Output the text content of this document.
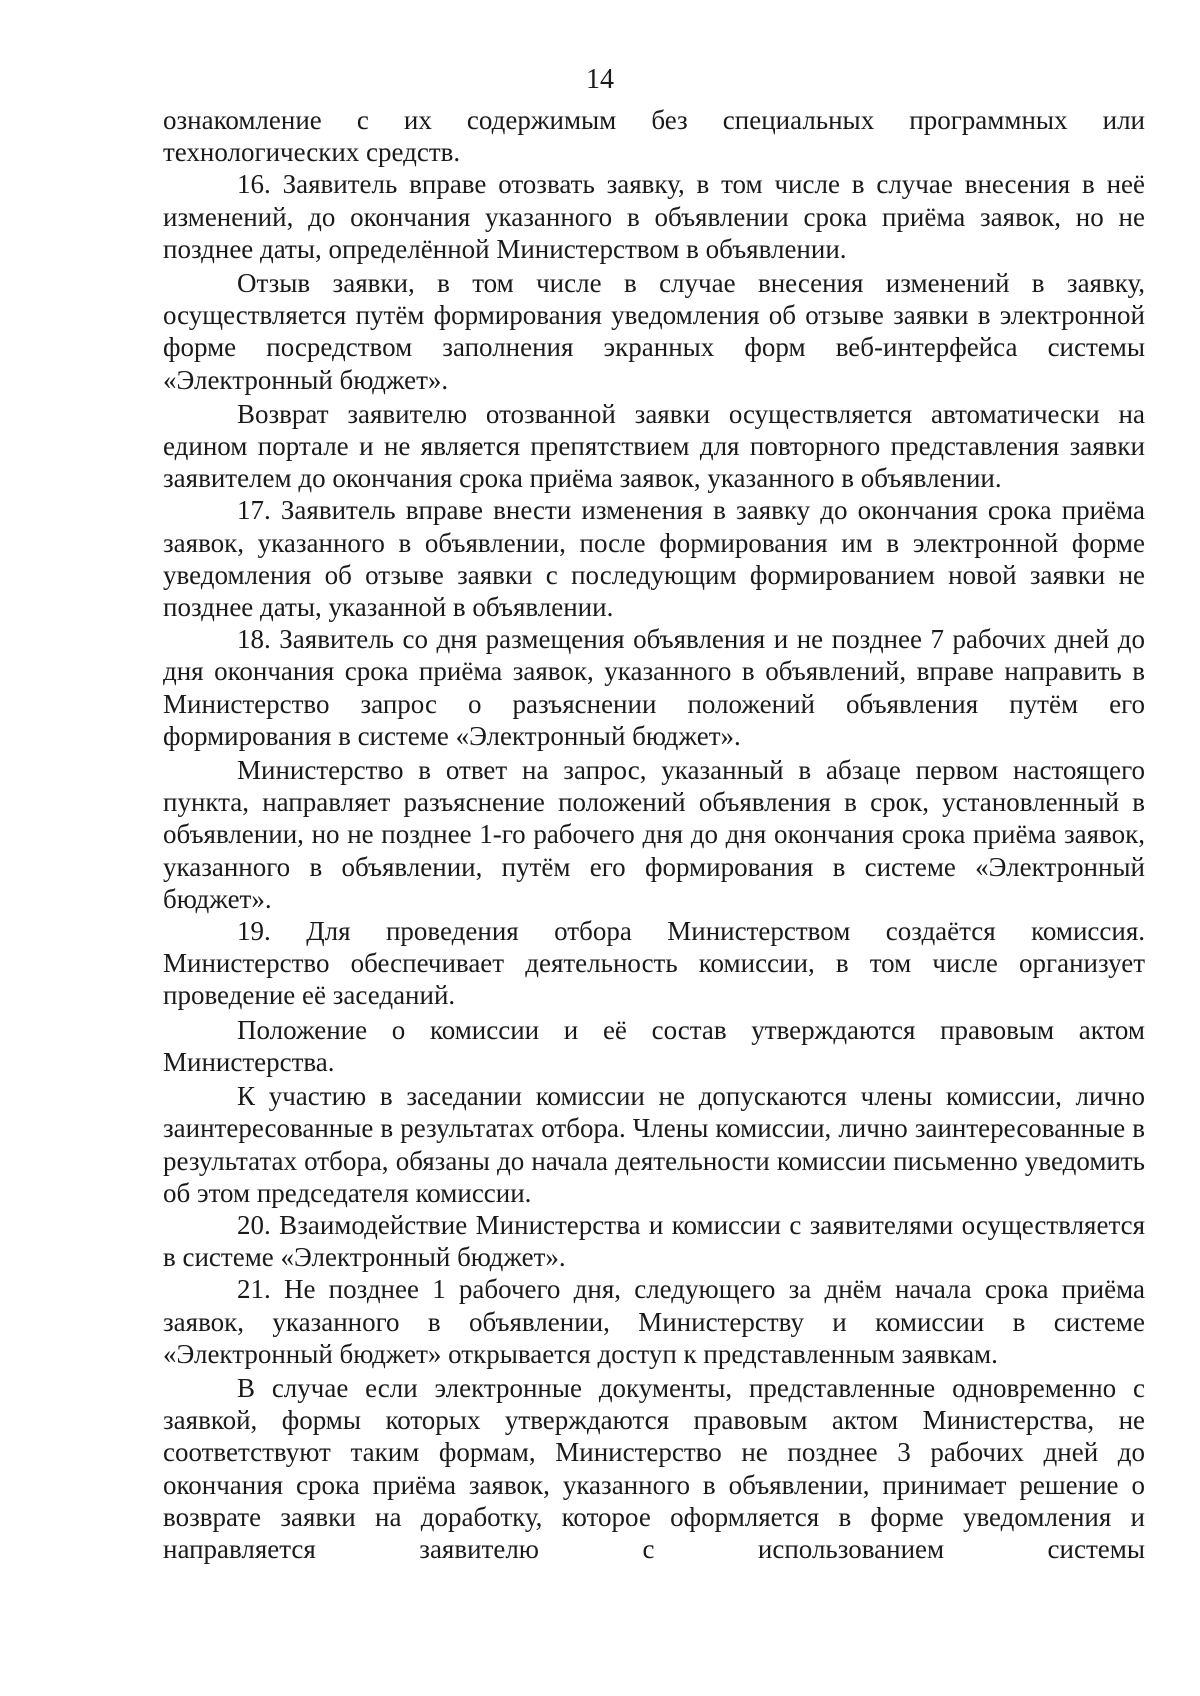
14

ознакомление с их содержимым без специальных программных или технологических средств.

16. Заявитель вправе отозвать заявку, в том числе в случае внесения в неё изменений, до окончания указанного в объявлении срока приёма заявок, но не позднее даты, определённой Министерством в объявлении.

Отзыв заявки, в том числе в случае внесения изменений в заявку, осуществляется путём формирования уведомления об отзыве заявки в электронной форме посредством заполнения экранных форм веб-интерфейса системы «Электронный бюджет».

Возврат заявителю отозванной заявки осуществляется автоматически на едином портале и не является препятствием для повторного представления заявки заявителем до окончания срока приёма заявок, указанного в объявлении.

17. Заявитель вправе внести изменения в заявку до окончания срока приёма заявок, указанного в объявлении, после формирования им в электронной форме уведомления об отзыве заявки с последующим формированием новой заявки не позднее даты, указанной в объявлении.

18. Заявитель со дня размещения объявления и не позднее 7 рабочих дней до дня окончания срока приёма заявок, указанного в объявлений, вправе направить в Министерство запрос о разъяснении положений объявления путём его формирования в системе «Электронный бюджет».

Министерство в ответ на запрос, указанный в абзаце первом настоящего пункта, направляет разъяснение положений объявления в срок, установленный в объявлении, но не позднее 1-го рабочего дня до дня окончания срока приёма заявок, указанного в объявлении, путём его формирования в системе «Электронный бюджет».

19. Для проведения отбора Министерством создаётся комиссия. Министерство обеспечивает деятельность комиссии, в том числе организует проведение её заседаний.

Положение о комиссии и её состав утверждаются правовым актом Министерства.

К участию в заседании комиссии не допускаются члены комиссии, лично заинтересованные в результатах отбора. Члены комиссии, лично заинтересованные в результатах отбора, обязаны до начала деятельности комиссии письменно уведомить об этом председателя комиссии.

20. Взаимодействие Министерства и комиссии с заявителями осуществляется в системе «Электронный бюджет».

21. Не позднее 1 рабочего дня, следующего за днём начала срока приёма заявок, указанного в объявлении, Министерству и комиссии в системе «Электронный бюджет» открывается доступ к представленным заявкам.

В случае если электронные документы, представленные одновременно с заявкой, формы которых утверждаются правовым актом Министерства, не соответствуют таким формам, Министерство не позднее 3 рабочих дней до окончания срока приёма заявок, указанного в объявлении, принимает решение о возврате заявки на доработку, которое оформляется в форме уведомления и направляется заявителю с использованием системы
